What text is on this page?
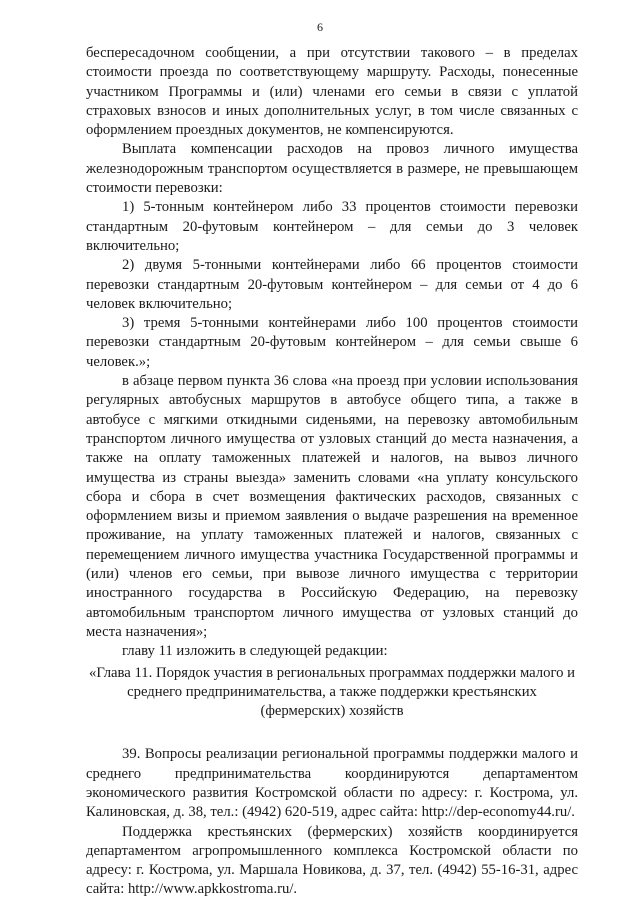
6

беспересадочном сообщении, а при отсутствии такового – в пределах стоимости проезда по соответствующему маршруту. Расходы, понесенные участником Программы и (или) членами его семьи в связи с уплатой страховых взносов и иных дополнительных услуг, в том числе связанных с оформлением проездных документов, не компенсируются.

Выплата компенсации расходов на провоз личного имущества железнодорожным транспортом осуществляется в размере, не превышающем стоимости перевозки:

1) 5-тонным контейнером либо 33 процентов стоимости перевозки стандартным 20-футовым контейнером – для семьи до 3 человек включительно;

2) двумя 5-тонными контейнерами либо 66 процентов стоимости перевозки стандартным 20-футовым контейнером – для семьи от 4 до 6 человек включительно;

3) тремя 5-тонными контейнерами либо 100 процентов стоимости перевозки стандартным 20-футовым контейнером – для семьи свыше 6 человек.»;

в абзаце первом пункта 36 слова «на проезд при условии использования регулярных автобусных маршрутов в автобусе общего типа, а также в автобусе с мягкими откидными сиденьями, на перевозку автомобильным транспортом личного имущества от узловых станций до места назначения, а также на оплату таможенных платежей и налогов, на вывоз личного имущества из страны выезда» заменить словами «на уплату консульского сбора и сбора в счет возмещения фактических расходов, связанных с оформлением визы и приемом заявления о выдаче разрешения на временное проживание, на уплату таможенных платежей и налогов, связанных с перемещением личного имущества участника Государственной программы и (или) членов его семьи, при вывозе личного имущества с территории иностранного государства в Российскую Федерацию, на перевозку автомобильным транспортом личного имущества от узловых станций до места назначения»;

главу 11 изложить в следующей редакции:

«Глава 11. Порядок участия в региональных программах поддержки малого и среднего предпринимательства, а также поддержки крестьянских (фермерских) хозяйств

39. Вопросы реализации региональной программы поддержки малого и среднего предпринимательства координируются департаментом экономического развития Костромской области по адресу: г. Кострома, ул. Калиновская, д. 38, тел.: (4942) 620-519, адрес сайта: http://dep-economy44.ru/.

Поддержка крестьянских (фермерских) хозяйств координируется департаментом агропромышленного комплекса Костромской области по адресу: г. Кострома, ул. Маршала Новикова, д. 37, тел. (4942) 55-16-31, адрес сайта: http://www.apkkostroma.ru/.
